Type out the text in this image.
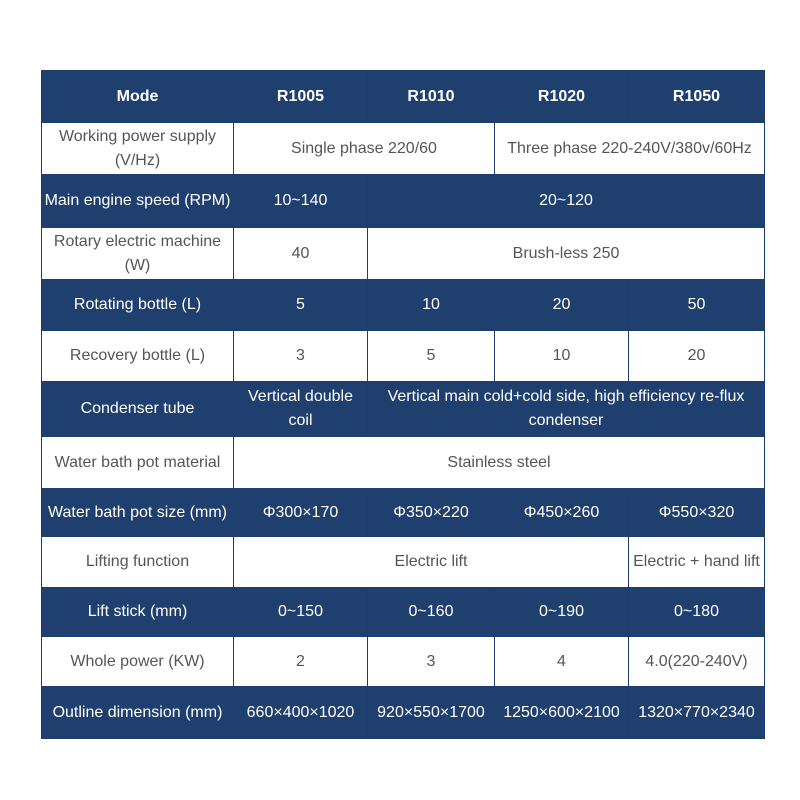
Mode	R1005	R1010	R1020	R1050
Working power supply (V/Hz)	Single phase 220/60		Three phase 220-240V/380v/60Hz	
Main engine speed (RPM)	10~140	20~120		
Rotary electric machine (W)	40	Brush-less 250		
Rotating bottle (L)	5	10	20	50
Recovery bottle (L)	3	5	10	20
Condenser tube	Vertical double coil	Vertical main cold+cold side, high efficiency re-flux condenser		
Water bath pot material	Stainless steel			
Water bath pot size (mm)	Φ300×170	Φ350×220	Φ450×260	Φ550×320
Lifting function	Electric lift			Electric + hand lift
Lift stick (mm)	0~150	0~160	0~190	0~180
Whole power (KW)	2	3	4	4.0(220-240V)
Outline dimension (mm)	660×400×1020	920×550×1700	1250×600×2100	1320×770×2340
